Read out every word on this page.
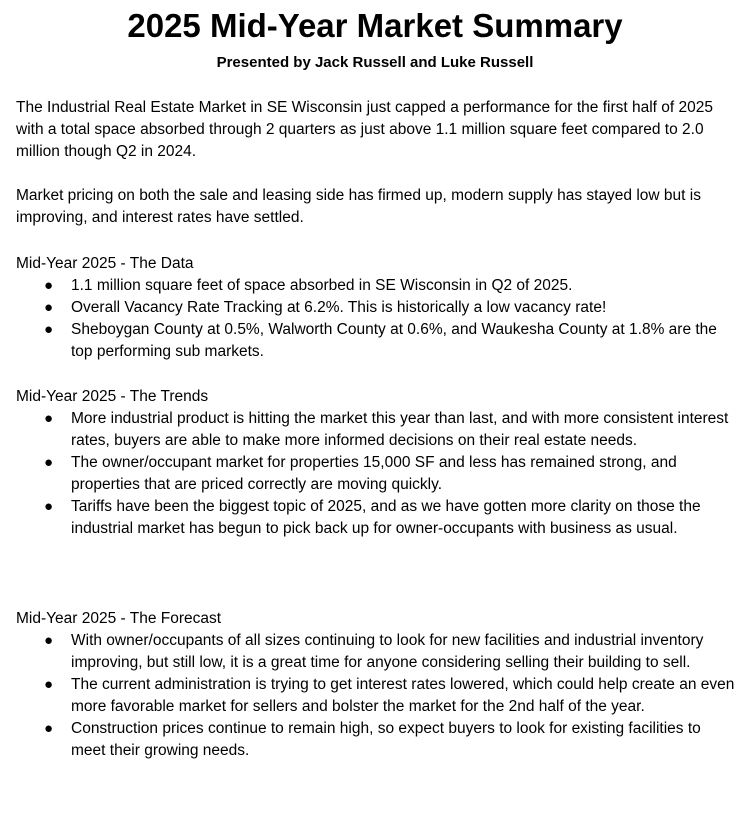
2025 Mid-Year Market Summary
Presented by Jack Russell and Luke Russell

The Industrial Real Estate Market in SE Wisconsin just capped a performance for the first half of 2025 with a total space absorbed through 2 quarters as just above 1.1 million square feet compared to 2.0 million though Q2 in 2024.

Market pricing on both the sale and leasing side has firmed up, modern supply has stayed low but is improving, and interest rates have settled.

Mid-Year 2025 - The Data
● 1.1 million square feet of space absorbed in SE Wisconsin in Q2 of 2025.
● Overall Vacancy Rate Tracking at 6.2%. This is historically a low vacancy rate!
● Sheboygan County at 0.5%, Walworth County at 0.6%, and Waukesha County at 1.8% are the top performing sub markets.
Mid-Year 2025 - The Trends
● More industrial product is hitting the market this year than last, and with more consistent interest rates, buyers are able to make more informed decisions on their real estate needs.
● The owner/occupant market for properties 15,000 SF and less has remained strong, and properties that are priced correctly are moving quickly.
● Tariffs have been the biggest topic of 2025, and as we have gotten more clarity on those the industrial market has begun to pick back up for owner-occupants with business as usual.
Mid-Year 2025 - The Forecast
● With owner/occupants of all sizes continuing to look for new facilities and industrial inventory improving, but still low, it is a great time for anyone considering selling their building to sell.
● The current administration is trying to get interest rates lowered, which could help create an even more favorable market for sellers and bolster the market for the 2nd half of the year.
● Construction prices continue to remain high, so expect buyers to look for existing facilities to meet their growing needs.
